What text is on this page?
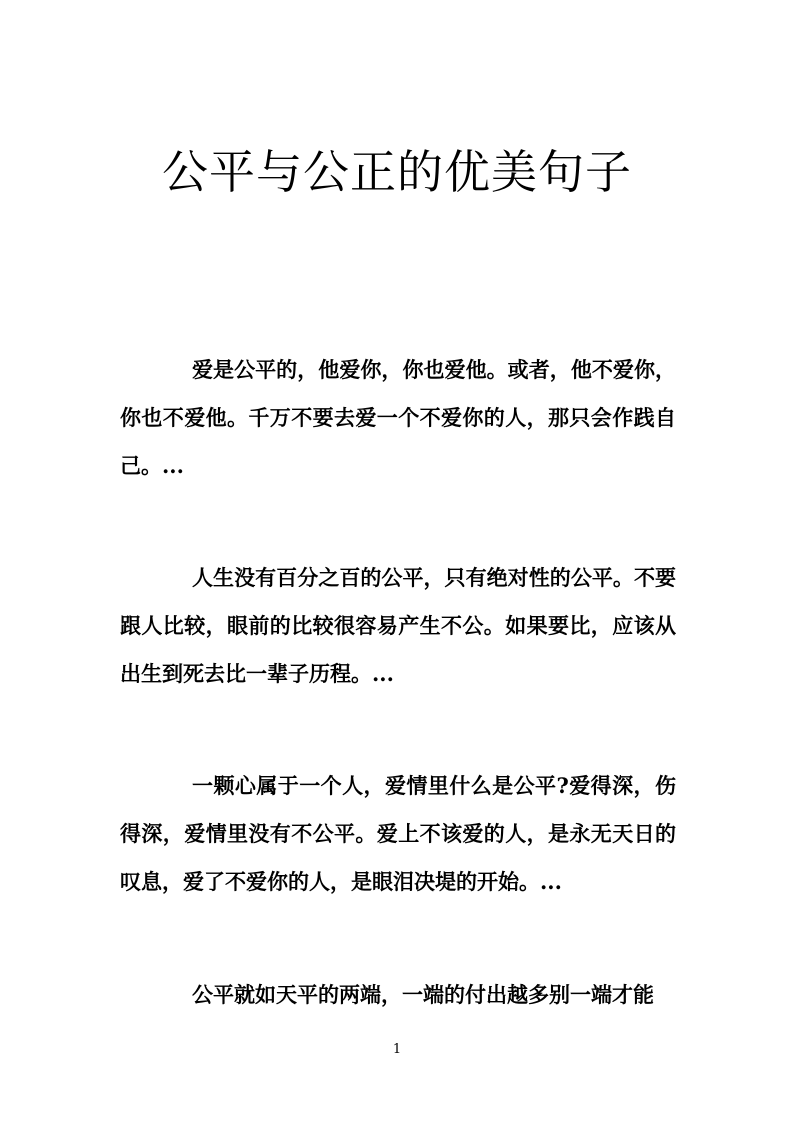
公平与公正的优美句子

爱是公平的，他爱你，你也爱他。或者，他不爱你，你也不爱他。千万不要去爱一个不爱你的人，那只会作践自己。...

人生没有百分之百的公平，只有绝对性的公平。不要跟人比较，眼前的比较很容易产生不公。如果要比，应该从出生到死去比一辈子历程。...

一颗心属于一个人，爱情里什么是公平?爱得深，伤得深，爱情里没有不公平。爱上不该爱的人，是永无天日的叹息，爱了不爱你的人，是眼泪决堤的开始。...

公平就如天平的两端，一端的付出越多别一端才能

1
